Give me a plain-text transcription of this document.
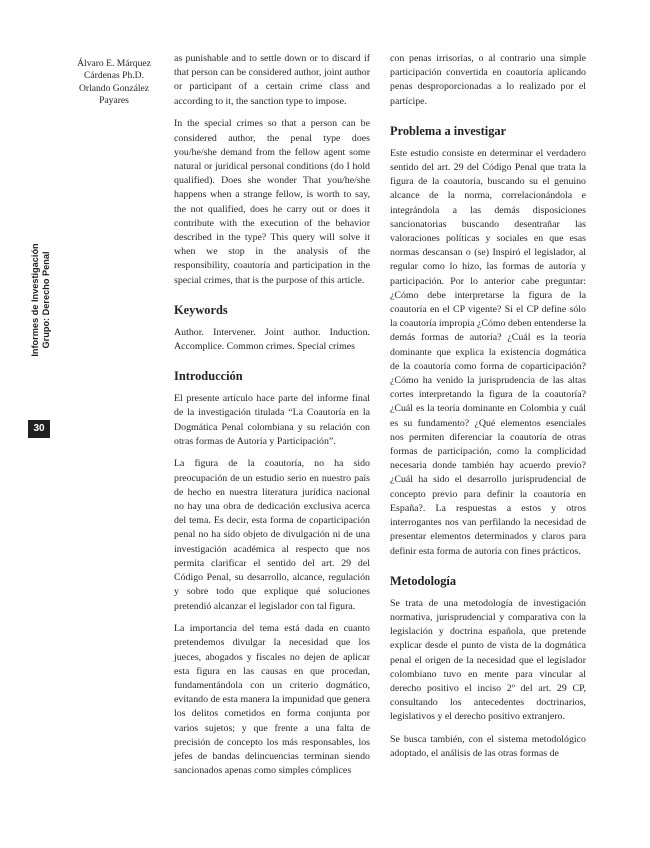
Álvaro E. Márquez
Cárdenas Ph.D.
Orlando González
Payares
Informes de Investigación Grupo: Derecho Penal
30

as punishable and to settle down or to discard if that person can be considered author, joint author or participant of a certain crime class and according to it, the sanction type to impose.

In the special crimes so that a person can be considered author, the penal type does you/he/she demand from the fellow agent some natural or juridical personal conditions (do I hold qualified). Does she wonder That you/he/she happens when a strange fellow, is worth to say, the not qualified, does he carry out or does it contribute with the execution of the behavior described in the type? This query will solve it when we stop in the analysis of the responsibility, coautoría and participation in the special crimes, that is the purpose of this article.

Keywords

Author. Intervener. Joint author. Induction. Accomplice. Common crimes. Special crimes

Introducción

El presente artículo hace parte del informe final de la investigación titulada “La Coautoría en la Dogmática Penal colombiana y su relación con otras formas de Autoría y Participación”.

La figura de la coautoría, no ha sido preocupación de un estudio serio en nuestro país de hecho en nuestra literatura jurídica nacional no hay una obra de dedicación exclusiva acerca del tema. Es decir, esta forma de coparticipación penal no ha sido objeto de divulgación ni de una investigación académica al respecto que nos permita clarificar el sentido del art. 29 del Código Penal, su desarrollo, alcance, regulación y sobre todo que explique qué soluciones pretendió alcanzar el legislador con tal figura.

La importancia del tema está dada en cuanto pretendemos divulgar la necesidad que los jueces, abogados y fiscales no dejen de aplicar esta figura en las causas en que procedan, fundamentándola con un criterio dogmático, evitando de esta manera la impunidad que genera los delitos cometidos en forma conjunta por varios sujetos; y que frente a una falta de precisión de concepto los más responsables, los jefes de bandas delincuencias terminan siendo sancionados apenas como simples cómplices

con penas irrisorias, o al contrario una simple participación convertida en coautoría aplicando penas desproporcionadas a lo realizado por el partícipe.

Problema a investigar

Este estudio consiste en determinar el verdadero sentido del art. 29 del Código Penal que trata la figura de la coautoría, buscando su el genuino alcance de la norma, correlacionándola e integrándola a las demás disposiciones sancionatorias buscando desentrañar las valoraciones políticas y sociales en que esas normas descansan o (se) Inspiró el legislador, al regular como lo hizo, las formas de autoría y participación. Por lo anterior cabe preguntar: ¿Cómo debe interpretarse la figura de la coautoría en el CP vigente? Si el CP define sólo la coautoría impropia ¿Cómo deben entenderse la demás formas de autoría? ¿Cuál es la teoría dominante que explica la existencia dogmática de la coautoría como forma de coparticipación? ¿Cómo ha venido la jurisprudencia de las altas cortes interpretando la figura de la coautoría? ¿Cuál es la teoría dominante en Colombia y cuál es su fundamento? ¿Qué elementos esenciales nos permiten diferenciar la coautoría de otras formas de participación, como la complicidad necesaria donde también hay acuerdo previo? ¿Cuál ha sido el desarrollo jurisprudencial de concepto previo para definir la coautoría en España?. La respuestas a estos y otros interrogantes nos van perfilando la necesidad de presentar elementos determinados y claros para definir esta forma de autoría con fines prácticos.

Metodología

Se trata de una metodología de investigación normativa, jurisprudencial y comparativa con la legislación y doctrina española, que pretende explicar desde el punto de vista de la dogmática penal el origen de la necesidad que el legislador colombiano tuvo en mente para vincular al derecho positivo el inciso 2º del art. 29 CP, consultando los antecedentes doctrinarios, legislativos y el derecho positivo extranjero.

Se busca también, con el sistema metodológico adoptado, el análisis de las otras formas de
